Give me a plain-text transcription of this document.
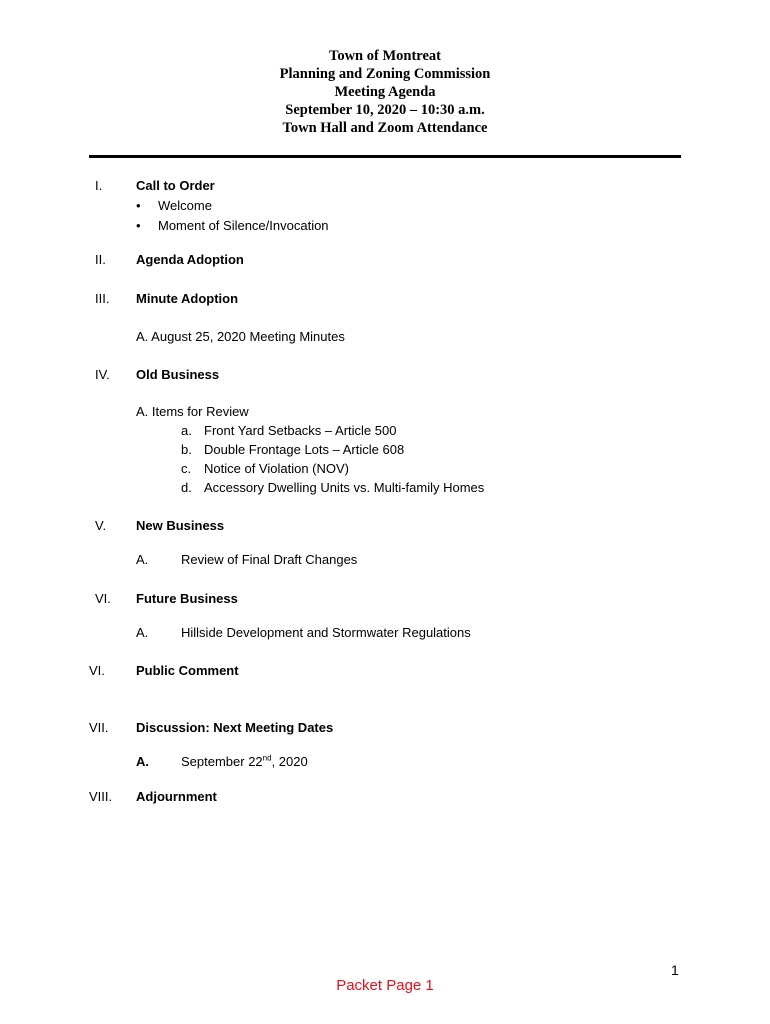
Town of Montreat
Planning and Zoning Commission
Meeting Agenda
September 10, 2020 – 10:30 a.m.
Town Hall and Zoom Attendance
I.	Call to Order
• Welcome
• Moment of Silence/Invocation
II. Agenda Adoption
III. Minute Adoption
A. August 25, 2020 Meeting Minutes
IV. Old Business
A. Items for Review
a. Front Yard Setbacks – Article 500
b. Double Frontage Lots – Article 608
c. Notice of Violation (NOV)
d. Accessory Dwelling Units vs. Multi-family Homes
V. New Business
A.	Review of Final Draft Changes
VI. Future Business
A.	Hillside Development and Stormwater Regulations
VI. Public Comment
VII. Discussion: Next Meeting Dates
A. September 22nd, 2020
VIII. Adjournment
1
Packet Page 1
